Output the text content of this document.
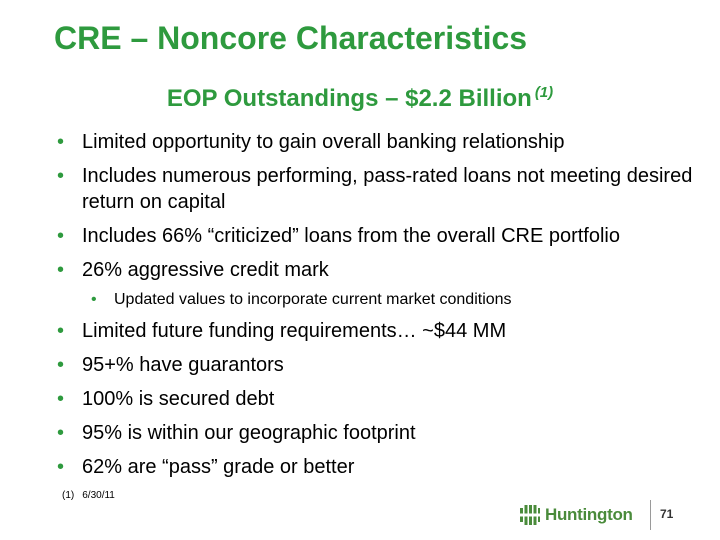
CRE – Noncore Characteristics
EOP Outstandings – $2.2 Billion $^{(1)}$
• Limited opportunity to gain overall banking relationship
• Includes numerous performing, pass-rated loans not meeting desired return on capital
• Includes 66% “criticized” loans from the overall CRE portfolio
• 26% aggressive credit mark
• Updated values to incorporate current market conditions
• Limited future funding requirements… ~$44 MM
• 95+% have guarantors
• 100% is secured debt
• 95% is within our geographic footprint
• 62% are “pass” grade or better
(1) 6/30/11
Huntington 71
